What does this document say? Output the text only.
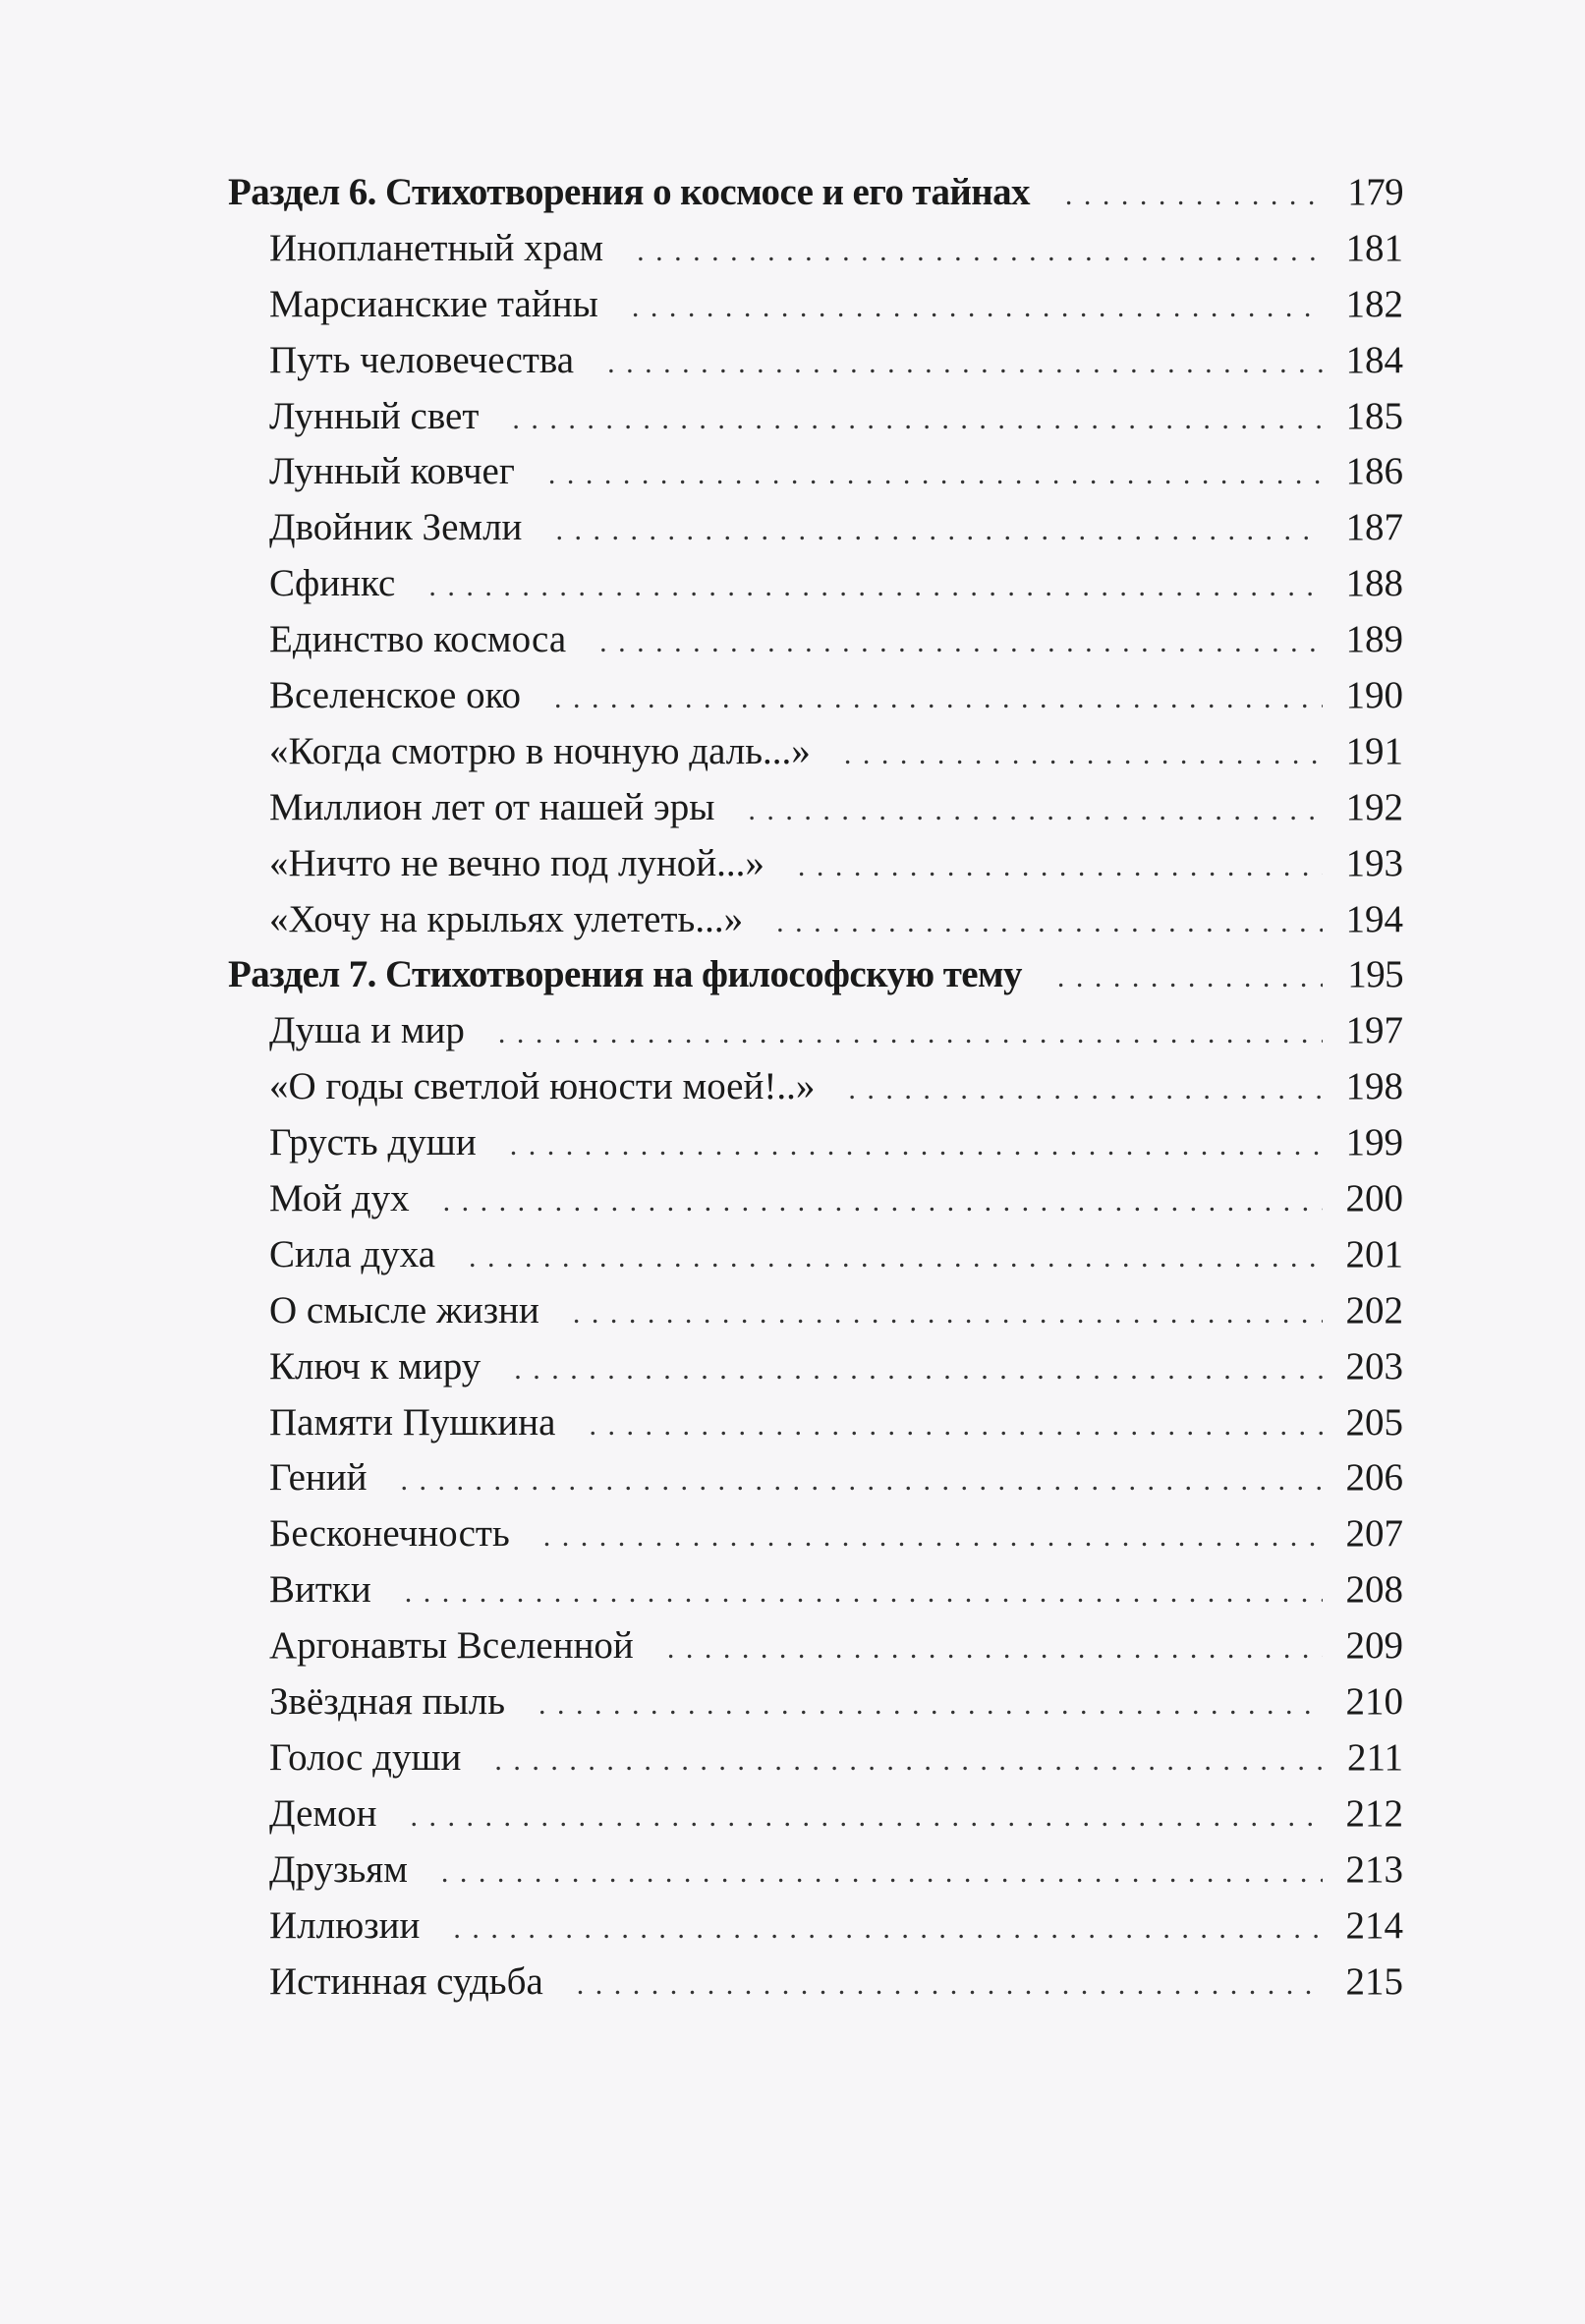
Раздел 6. Стихотворения о космосе и его тайнах . . .	179
Инопланетный храм . . .	181
Марсианские тайны . . .	182
Путь человечества . . .	184
Лунный свет . . .	185
Лунный ковчег . . .	186
Двойник Земли . . .	187
Сфинкс . . .	188
Единство космоса . . .	189
Вселенское око . . .	190
«Когда смотрю в ночную даль...» . . .	191
Миллион лет от нашей эры . . .	192
«Ничто не вечно под луной...» . . .	193
«Хочу на крыльях улететь...» . . .	194
Раздел 7. Стихотворения на философскую тему . . .	195
Душа и мир . . .	197
«О годы светлой юности моей!..» . . .	198
Грусть души . . .	199
Мой дух . . .	200
Сила духа . . .	201
О смысле жизни . . .	202
Ключ к миру . . .	203
Памяти Пушкина . . .	205
Гений . . .	206
Бесконечность . . .	207
Витки . . .	208
Аргонавты Вселенной . . .	209
Звёздная пыль . . .	210
Голос души . . .	211
Демон . . .	212
Друзьям . . .	213
Иллюзии . . .	214
Истинная судьба . . .	215
